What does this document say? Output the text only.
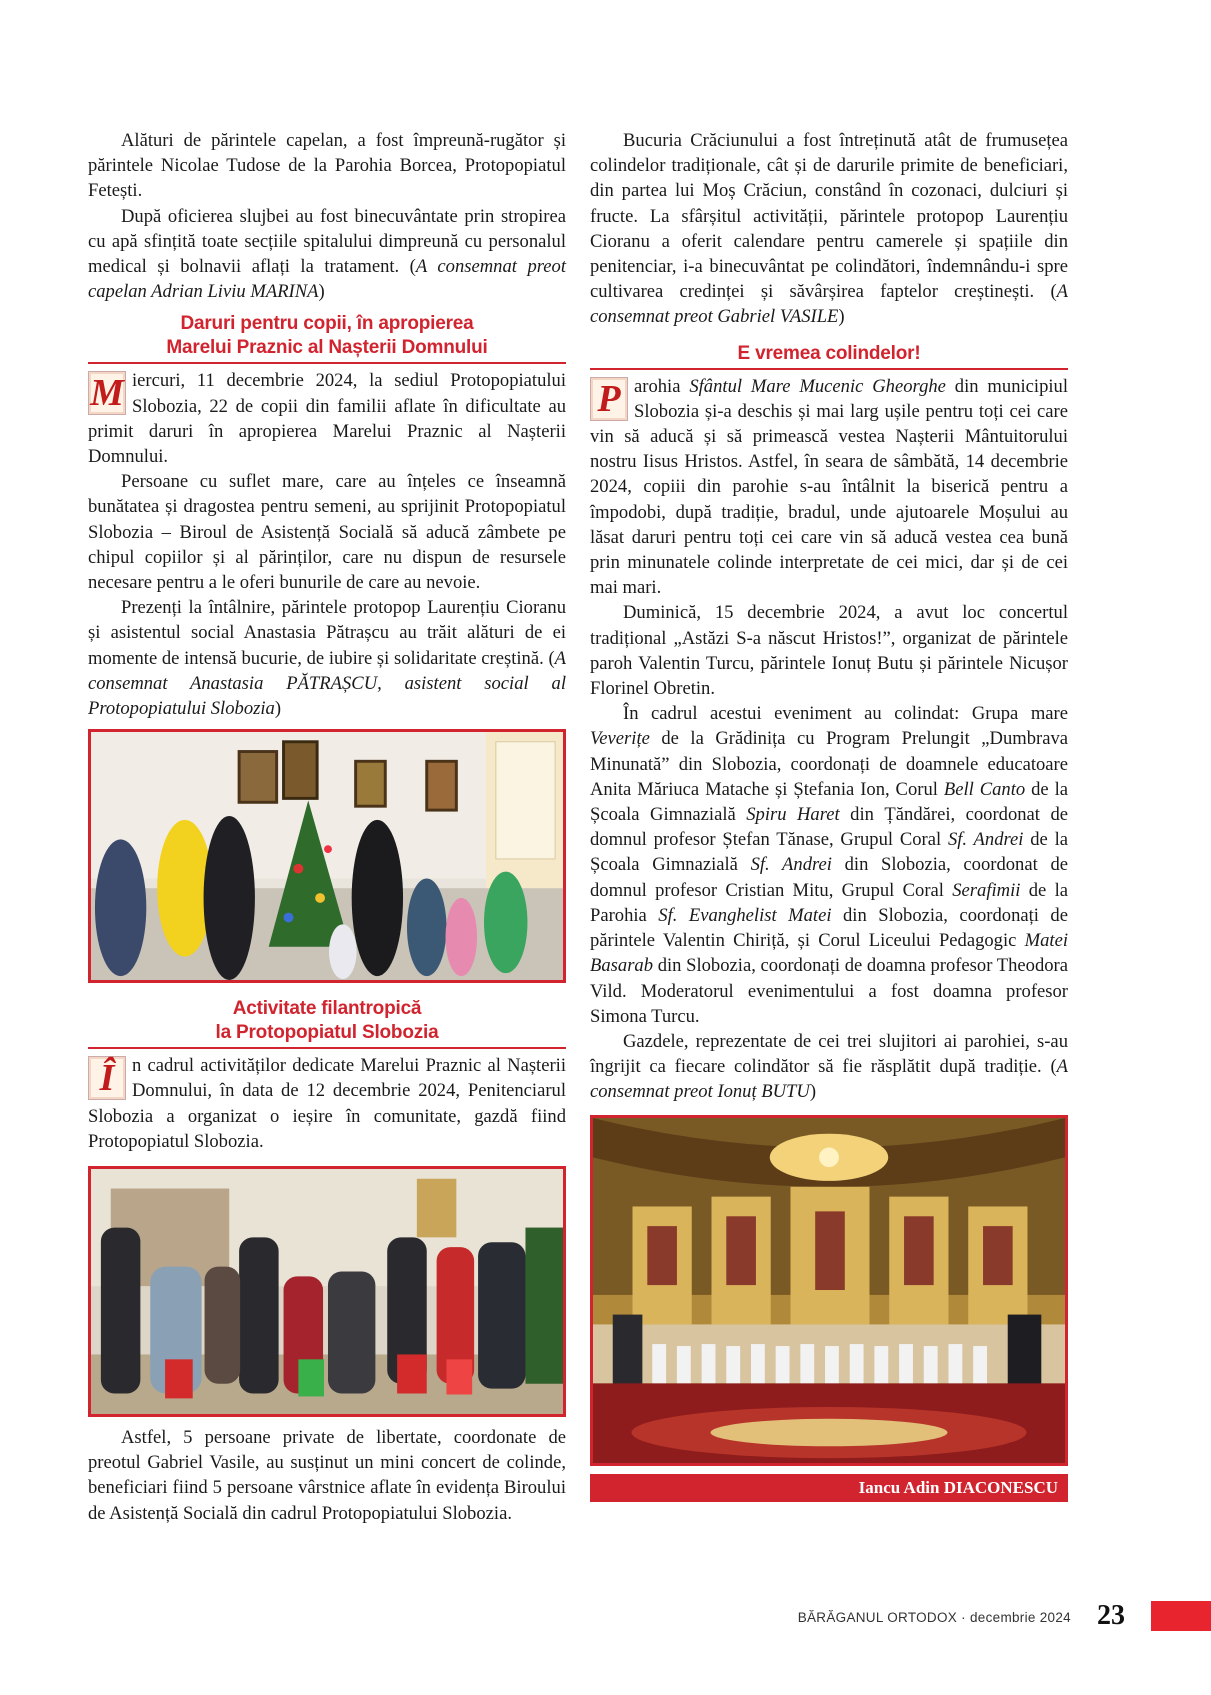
Alături de părintele capelan, a fost împreună-rugător și părintele Nicolae Tudose de la Parohia Borcea, Protopopiatul Fetești.

După oficierea slujbei au fost binecuvântate prin stropirea cu apă sfințită toate secțiile spitalului dimpreună cu personalul medical și bolnavii aflați la tratament. (A consemnat preot capelan Adrian Liviu MARINA)

Daruri pentru copii, în apropierea
Marelui Praznic al Nașterii Domnului

M iercuri, 11 decembrie 2024, la sediul Protopopiatului Slobozia, 22 de copii din familii aflate în dificultate au primit daruri în apropierea Marelui Praznic al Nașterii Domnului.

Persoane cu suflet mare, care au înțeles ce înseamnă bunătatea și dragostea pentru semeni, au sprijinit Protopopiatul Slobozia – Biroul de Asistență Socială să aducă zâmbete pe chipul copiilor și al părinților, care nu dispun de resursele necesare pentru a le oferi bunurile de care au nevoie.

Prezenți la întâlnire, părintele protopop Laurențiu Cioranu și asistentul social Anastasia Pătrașcu au trăit alături de ei momente de intensă bucurie, de iubire și solidaritate creștină. (A consemnat Anastasia PĂTRAȘCU, asistent social al Protopopiatului Slobozia)

Activitate filantropică
la Protopopiatul Slobozia

Î n cadrul activităților dedicate Marelui Praznic al Nașterii Domnului, în data de 12 decembrie 2024, Penitenciarul Slobozia a organizat o ieșire în comunitate, gazdă fiind Protopopiatul Slobozia.

Astfel, 5 persoane private de libertate, coordonate de preotul Gabriel Vasile, au susținut un mini concert de colinde, beneficiari fiind 5 persoane vârstnice aflate în evidența Biroului de Asistență Socială din cadrul Protopopiatului Slobozia.

Bucuria Crăciunului a fost întreținută atât de frumusețea colindelor tradiționale, cât și de darurile primite de beneficiari, din partea lui Moș Crăciun, constând în cozonaci, dulciuri și fructe. La sfârșitul activității, părintele protopop Laurențiu Cioranu a oferit calendare pentru camerele și spațiile din penitenciar, i-a binecuvântat pe colindători, îndemnându-i spre cultivarea credinței și săvârșirea faptelor creștinești. (A consemnat preot Gabriel VASILE)

E vremea colindelor!

P arohia Sfântul Mare Mucenic Gheorghe din municipiul Slobozia și-a deschis și mai larg ușile pentru toți cei care vin să aducă și să primească vestea Nașterii Mântuitorului nostru Iisus Hristos. Astfel, în seara de sâmbătă, 14 decembrie 2024, copiii din parohie s-au întâlnit la biserică pentru a împodobi, după tradiție, bradul, unde ajutoarele Moșului au lăsat daruri pentru toți cei care vin să aducă vestea cea bună prin minunatele colinde interpretate de cei mici, dar și de cei mai mari.

Duminică, 15 decembrie 2024, a avut loc concertul tradițional „Astăzi S-a născut Hristos!”, organizat de părintele paroh Valentin Turcu, părintele Ionuț Butu și părintele Nicușor Florinel Obretin.

În cadrul acestui eveniment au colindat: Grupa mare Veverițe de la Grădinița cu Program Prelungit „Dumbrava Minunată” din Slobozia, coordonați de doamnele educatoare Anita Măriuca Matache și Ștefania Ion, Corul Bell Canto de la Școala Gimnazială Spiru Haret din Țăndărei, coordonat de domnul profesor Ștefan Tănase, Grupul Coral Sf. Andrei de la Școala Gimnazială Sf. Andrei din Slobozia, coordonat de domnul profesor Cristian Mitu, Grupul Coral Serafimii de la Parohia Sf. Evanghelist Matei din Slobozia, coordonați de părintele Valentin Chiriță, și Corul Liceului Pedagogic Matei Basarab din Slobozia, coordonați de doamna profesor Theodora Vild. Moderatorul evenimentului a fost doamna profesor Simona Turcu.

Gazdele, reprezentate de cei trei slujitori ai parohiei, s-au îngrijit ca fiecare colindător să fie răsplătit după tradiție. (A consemnat preot Ionuț BUTU)

Iancu Adin DIACONESCU
BĂRĂGANUL ORTODOX · decembrie 2024 23
